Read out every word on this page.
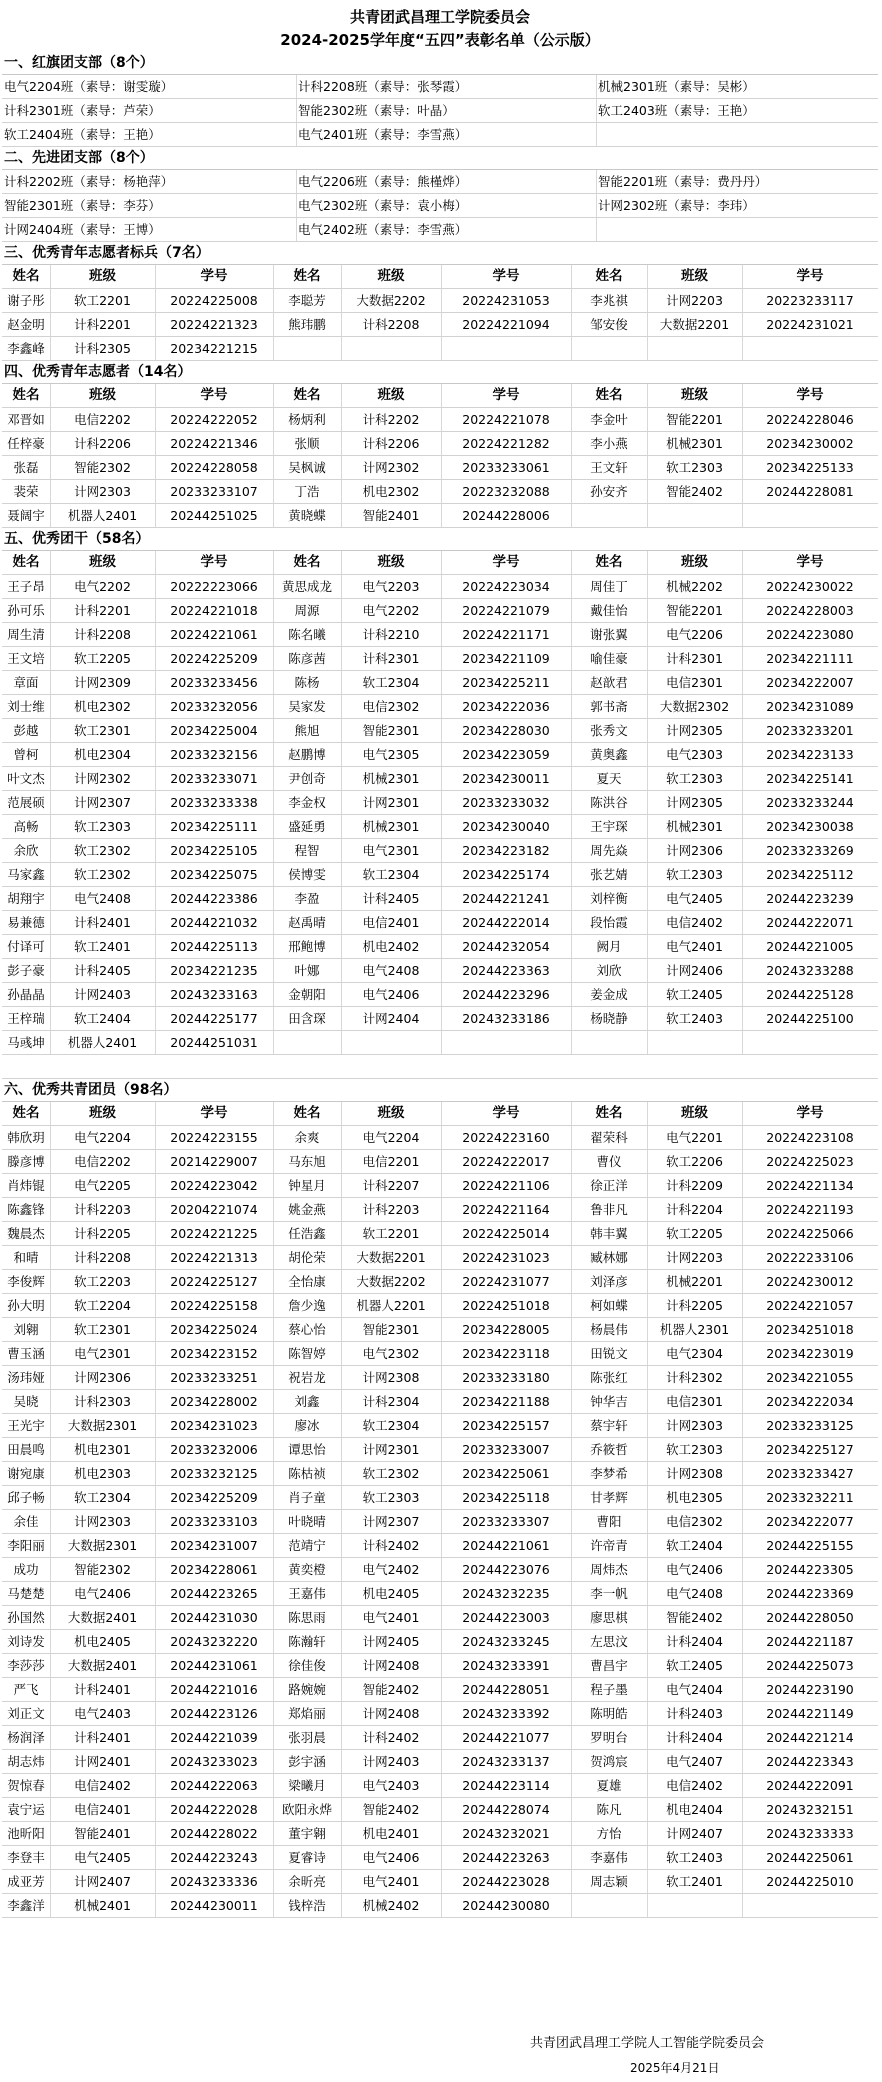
共青团武昌理工学院委员会
2024-2025学年度“五四”表彰名单（公示版）
一、红旗团支部（8个）
电气2204班（素导：谢雯璇）	计科2208班（素导：张琴霞）	机械2301班（素导：吴彬）
计科2301班（素导：芦荣）	智能2302班（素导：叶晶）	软工2403班（素导：王艳）
软工2404班（素导：王艳）	电气2401班（素导：李雪燕）
二、先进团支部（8个）
计科2202班（素导：杨艳萍）	电气2206班（素导：熊槿烨）	智能2201班（素导：费丹丹）
智能2301班（素导：李芬）	电气2302班（素导：袁小梅）	计网2302班（素导：李玮）
计网2404班（素导：王博）	电气2402班（素导：李雪燕）
三、优秀青年志愿者标兵（7名）
姓名	班级	学号	姓名	班级	学号	姓名	班级	学号
谢子彤	软工2201	20224225008	李聪芳	大数据2202	20224231053	李兆祺	计网2203	20223233117
赵金明	计科2201	20224221323	熊玮鹏	计科2208	20224221094	邹安俊	大数据2201	20224231021
李鑫峰	计科2305	20234221215
四、优秀青年志愿者（14名）
姓名	班级	学号	姓名	班级	学号	姓名	班级	学号
邓晋如	电信2202	20224222052	杨炳利	计科2202	20224221078	李金叶	智能2201	20224228046
任梓豪	计科2206	20224221346	张顺	计科2206	20224221282	李小燕	机械2301	20234230002
张磊	智能2302	20224228058	吴枫诚	计网2302	20233233061	王文轩	软工2303	20234225133
裴荣	计网2303	20233233107	丁浩	机电2302	20223232088	孙安齐	智能2402	20244228081
聂阔宇	机器人2401	20244251025	黄晓蝶	智能2401	20244228006
五、优秀团干（58名）
姓名	班级	学号	姓名	班级	学号	姓名	班级	学号
王子昂	电气2202	20222223066	黄思成龙	电气2203	20224223034	周佳丁	机械2202	20224230022
孙可乐	计科2201	20224221018	周源	电气2202	20224221079	戴佳怡	智能2201	20224228003
周生清	计科2208	20224221061	陈名曦	计科2210	20224221171	谢张翼	电气2206	20224223080
王文培	软工2205	20224225209	陈彦茜	计科2301	20234221109	喻佳豪	计科2301	20234221111
章面	计网2309	20233233456	陈杨	软工2304	20234225211	赵歆君	电信2301	20234222007
刘士维	机电2302	20233232056	吴家发	电信2302	20234222036	郭书斋	大数据2302	20234231089
彭越	软工2301	20234225004	熊旭	智能2301	20234228030	张秀文	计网2305	20233233201
曾柯	机电2304	20233232156	赵鹏博	电气2305	20234223059	黄奥鑫	电气2303	20234223133
叶文杰	计网2302	20233233071	尹创奇	机械2301	20234230011	夏天	软工2303	20234225141
范展硕	计网2307	20233233338	李金权	计网2301	20233233032	陈洪谷	计网2305	20233233244
高畅	软工2303	20234225111	盛延勇	机械2301	20234230040	王宇琛	机械2301	20234230038
余欣	软工2302	20234225105	程智	电气2301	20234223182	周先焱	计网2306	20233233269
马家鑫	软工2302	20234225075	侯博雯	软工2304	20234225174	张艺婧	软工2303	20234225112
胡翔宇	电气2408	20244223386	李盈	计科2405	20244221241	刘梓衡	电气2405	20244223239
易兼德	计科2401	20244221032	赵禹晴	电信2401	20244222014	段怡霞	电信2402	20244222071
付译可	软工2401	20244225113	邢鲍博	机电2402	20244232054	阙月	电气2401	20244221005
彭子豪	计科2405	20234221235	叶娜	电气2408	20244223363	刘欣	计网2406	20243233288
孙晶晶	计网2403	20243233163	金朝阳	电气2406	20244223296	姜金成	软工2405	20244225128
王梓瑞	软工2404	20244225177	田含琛	计网2404	20243233186	杨晓静	软工2403	20244225100
马彧坤	机器人2401	20244251031
六、优秀共青团员（98名）
姓名	班级	学号	姓名	班级	学号	姓名	班级	学号
韩欣玥	电气2204	20224223155	余爽	电气2204	20224223160	翟荣科	电气2201	20224223108
滕彦博	电信2202	20214229007	马东旭	电信2201	20224222017	曹仪	软工2206	20224225023
肖炜锟	电气2205	20224223042	钟星月	计科2207	20224221106	徐正洋	计科2209	20224221134
陈鑫锋	计科2203	20204221074	姚金燕	计科2203	20224221164	鲁非凡	计科2204	20224221193
魏晨杰	计科2205	20224221225	任浩鑫	软工2201	20224225014	韩丰翼	软工2205	20224225066
和晴	计科2208	20224221313	胡伦荣	大数据2201	20224231023	臧林娜	计网2203	20222233106
李俊辉	软工2203	20224225127	全怡康	大数据2202	20224231077	刘泽彦	机械2201	20224230012
孙大明	软工2204	20224225158	詹少逸	机器人2201	20224251018	柯如蝶	计科2205	20224221057
刘翱	软工2301	20234225024	蔡心怡	智能2301	20234228005	杨晨伟	机器人2301	20234251018
曹玉涵	电气2301	20234223152	陈智婷	电气2302	20234223118	田锐文	电气2304	20234223019
汤玮娅	计网2306	20233233251	祝岩龙	计网2308	20233233180	陈张红	计科2302	20234221055
吴晓	计科2303	20234228002	刘鑫	计科2304	20234221188	钟华吉	电信2301	20234222034
王光宇	大数据2301	20234231023	廖冰	软工2304	20234225157	蔡宇轩	计网2303	20233233125
田晨鸣	机电2301	20233232006	谭思怡	计网2301	20233233007	乔筱哲	软工2303	20234225127
谢宛康	机电2303	20233232125	陈枯祯	软工2302	20234225061	李梦希	计网2308	20233233427
邱子畅	软工2304	20234225209	肖子童	软工2303	20234225118	甘孝辉	机电2305	20233232211
余佳	计网2303	20233233103	叶晓晴	计网2307	20233233307	曹阳	电信2302	20234222077
李阳丽	大数据2301	20234231007	范靖宁	计科2402	20244221061	许帝青	软工2404	20244225155
成功	智能2302	20234228061	黄奕橙	电气2402	20244223076	周炜杰	电气2406	20244223305
马楚楚	电气2406	20244223265	王嘉伟	机电2405	20243232235	李一帆	电气2408	20244223369
孙国然	大数据2401	20244231030	陈思雨	电气2401	20244223003	廖思棋	智能2402	20244228050
刘诗发	机电2405	20243232220	陈瀚轩	计网2405	20243233245	左思汶	计科2404	20244221187
李莎莎	大数据2401	20244231061	徐佳俊	计网2408	20243233391	曹昌宇	软工2405	20244225073
严飞	计科2401	20244221016	路婉婉	智能2402	20244228051	程子墨	电气2404	20244223190
刘正文	电气2403	20244223126	郑焰丽	计网2408	20243233392	陈明皓	计科2403	20244221149
杨润泽	计科2401	20244221039	张羽晨	计科2402	20244221077	罗明台	计科2404	20244221214
胡志炜	计网2401	20243233023	彭宇涵	计网2403	20243233137	贺鸿宸	电气2407	20244223343
贺惊春	电信2402	20244222063	梁曦月	电气2403	20244223114	夏雄	电信2402	20244222091
袁宁运	电信2401	20244222028	欧阳永烨	智能2402	20244228074	陈凡	机电2404	20243232151
池昕阳	智能2401	20244228022	董宇翱	机电2401	20243232021	方怡	计网2407	20243233333
李登丰	电气2405	20244223243	夏睿诗	电气2406	20244223263	李嘉伟	软工2403	20244225061
成亚芳	计网2407	20243233336	余昕亮	电气2401	20244223028	周志颖	软工2401	20244225010
李鑫洋	机械2401	20244230011	钱梓浩	机械2402	20244230080
共青团武昌理工学院人工智能学院委员会
2025年4月21日
